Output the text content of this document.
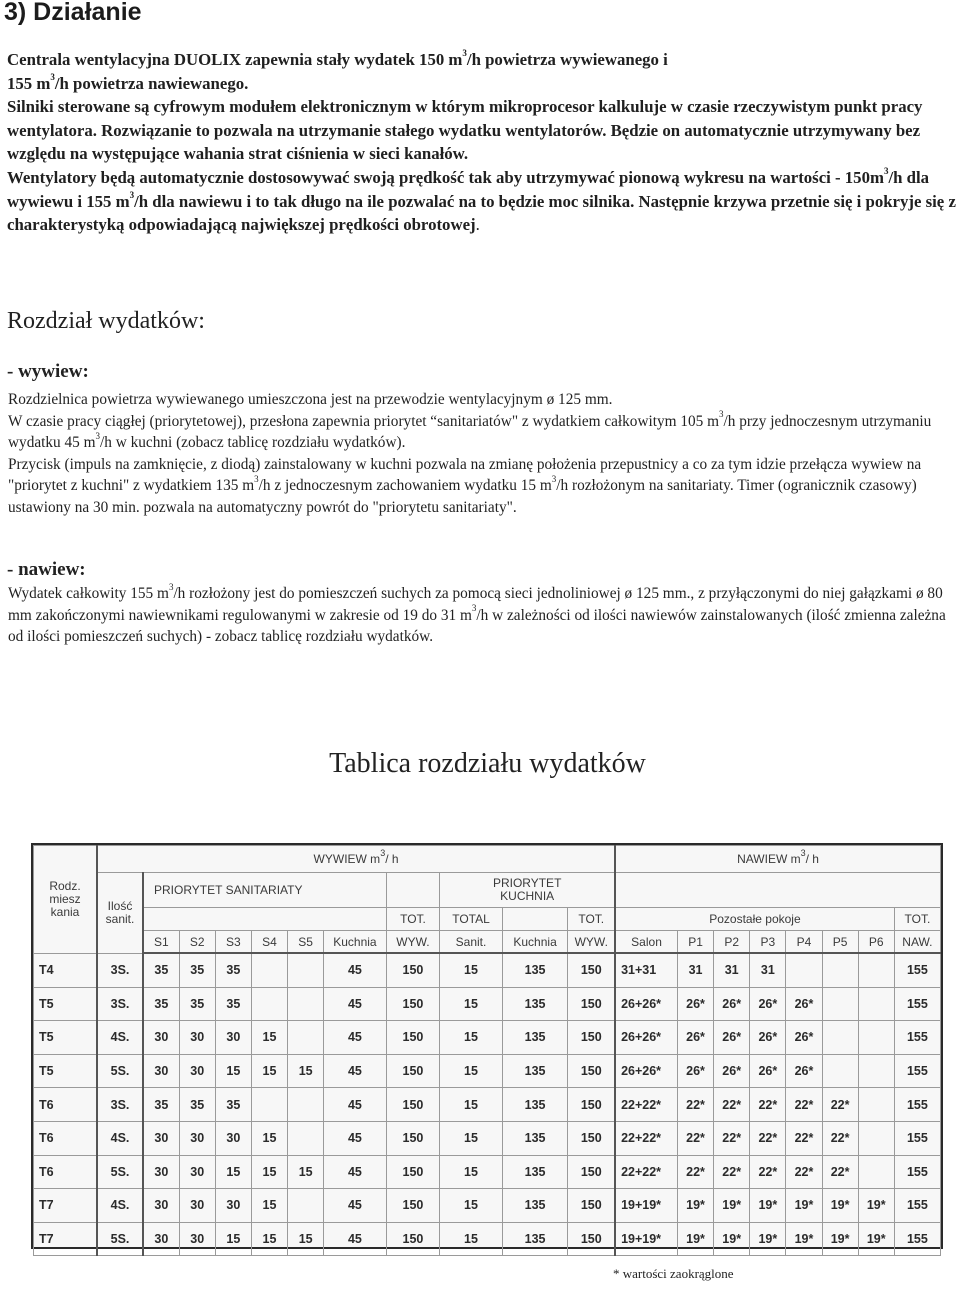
3) Działanie

Centrala wentylacyjna DUOLIX zapewnia stały wydatek 150 $m^3/h$ powietrza wywiewanego i
155 $m^3/h$ powietrza nawiewanego.

Silniki sterowane są cyfrowym modułem elektronicznym w którym mikroprocesor kalkuluje w czasie rzeczywistym punkt pracy wentylatora. Rozwiązanie to pozwala na utrzymanie stałego wydatku wentylatorów. Będzie on automatycznie utrzymywany bez względu na występujące wahania strat ciśnienia w sieci kanałów.

Wentylatory będą automatycznie dostosowywać swoją prędkość tak aby utrzymywać pionową wykresu na wartości - $150m^3/h$ dla wywiewu i 155 $m^3/h$ dla nawiewu i to tak długo na ile pozwalać na to będzie moc silnika. Następnie krzywa przetnie się i pokryje się z charakterystyką odpowiadającą największej prędkości obrotowej.

Rozdział wydatków:
- wywiew:

Rozdzielnica powietrza wywiewanego umieszczona jest na przewodzie wentylacyjnym ø 125 mm.

W czasie pracy ciągłej (priorytetowej), przesłona zapewnia priorytet “sanitariatów" z wydatkiem całkowitym 105 $m^3/h$ przy jednoczesnym utrzymaniu wydatku 45 $m^3/h$ w kuchni (zobacz tablicę rozdziału wydatków).

Przycisk (impuls na zamknięcie, z diodą) zainstalowany w kuchni pozwala na zmianę położenia przepustnicy a co za tym idzie przełącza wywiew na "priorytet z kuchni" z wydatkiem 135 $m^3/h$ z jednoczesnym zachowaniem wydatku 15 $m^3/h$ rozłożonym na sanitariaty. Timer (ogranicznik czasowy) ustawiony na 30 min. pozwala na automatyczny powrót do "priorytetu sanitariaty".

- nawiew:

Wydatek całkowity 155 $m^3/h$ rozłożony jest do pomieszczeń suchych za pomocą sieci jednoliniowej ø 125 mm., z przyłączonymi do niej gałązkami ø 80 mm zakończonymi nawiewnikami regulowanymi w zakresie od 19 do 31 $m^3/h$ w zależności od ilości nawiewów zainstalowanych (ilość zmienna zależna od ilości pomieszczeń suchych) - zobacz tablicę rozdziału wydatków.

Tablica rozdziału wydatków
Rodz. miesz kania	WYWIEW $m^3/$ h											NAWIEW $m^3/$ h							
	Ilość sanit.	PRIORYTET SANITARIATY							PRIORYTET KUCHNIA										
								TOT.	TOTAL		TOT.	Pozostałe pokoje							TOT.
		S1	S2	S3	S4	S5	Kuchnia	WYW.	Sanit.	Kuchnia	WYW.	Salon	P1	P2	P3	P4	P5	P6	NAW.
T4	3S.	35	35	35			45	150	15	135	150	31+31	31	31	31				155
T5	3S.	35	35	35			45	150	15	135	150	26+26*	26*	26*	26*	26*			155
T5	4S.	30	30	30	15		45	150	15	135	150	26+26*	26*	26*	26*	26*			155
T5	5S.	30	30	15	15	15	45	150	15	135	150	26+26*	26*	26*	26*	26*			155
T6	3S.	35	35	35			45	150	15	135	150	22+22*	22*	22*	22*	22*	22*		155
T6	4S.	30	30	30	15		45	150	15	135	150	22+22*	22*	22*	22*	22*	22*		155
T6	5S.	30	30	15	15	15	45	150	15	135	150	22+22*	22*	22*	22*	22*	22*		155
T7	4S.	30	30	30	15		45	150	15	135	150	19+19*	19*	19*	19*	19*	19*	19*	155
T7	5S.	30	30	15	15	15	45	150	15	135	150	19+19*	19*	19*	19*	19*	19*	19*	155

* wartości zaokrąglone
